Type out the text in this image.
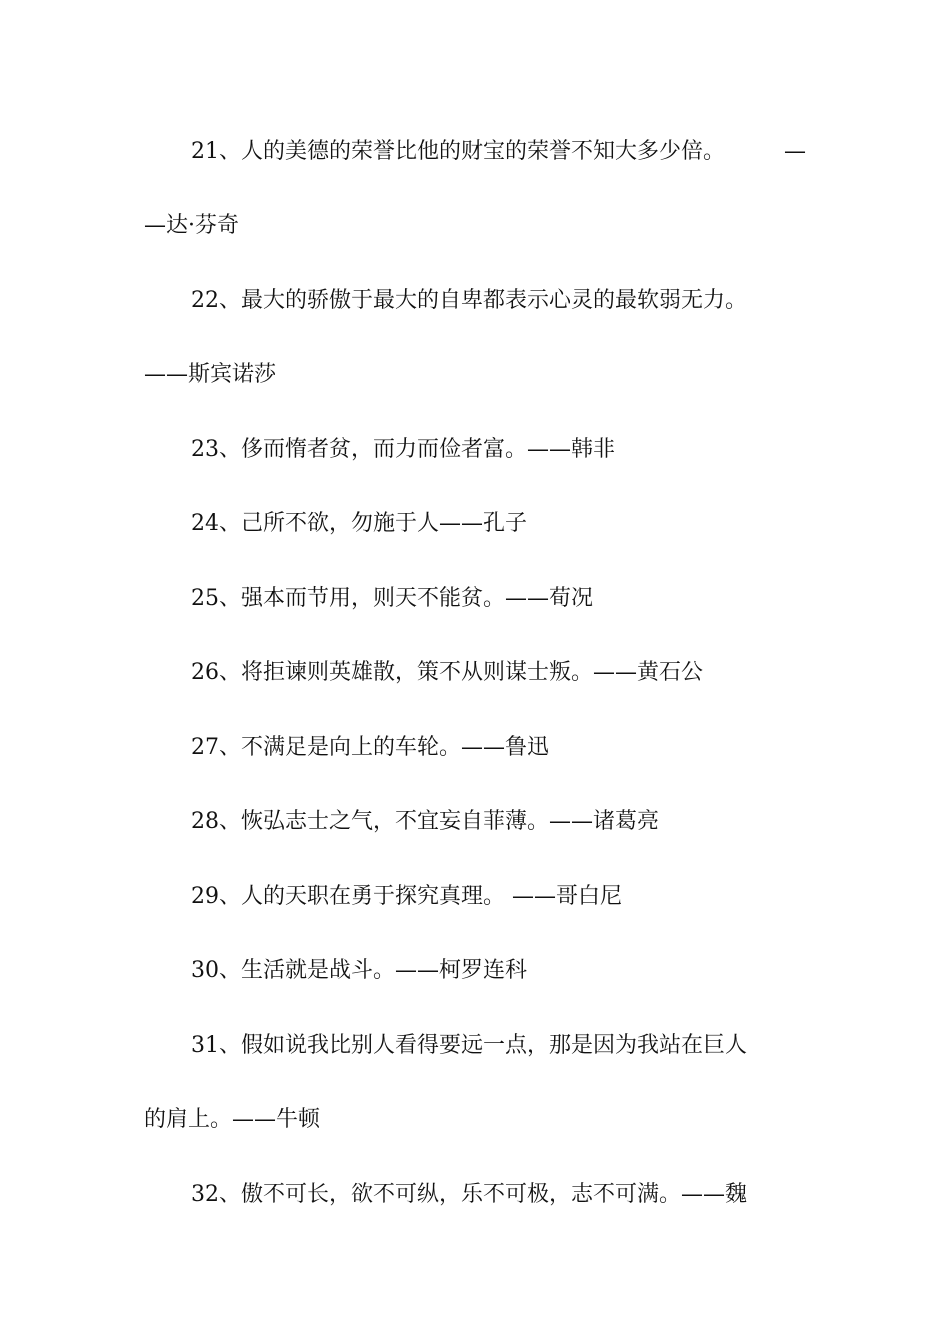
21、人的美德的荣誉比他的财宝的荣誉不知大多少倍。	—
—达·芬奇
22、最大的骄傲于最大的自卑都表示心灵的最软弱无力。
——斯宾诺莎
23、侈而惰者贫，而力而俭者富。——韩非
24、己所不欲，勿施于人——孔子
25、强本而节用，则天不能贫。——荀况
26、将拒谏则英雄散，策不从则谋士叛。——黄石公
27、不满足是向上的车轮。——鲁迅
28、恢弘志士之气，不宜妄自菲薄。——诸葛亮
29、人的天职在勇于探究真理。 ——哥白尼
30、生活就是战斗。——柯罗连科
31、假如说我比别人看得要远一点，那是因为我站在巨人
的肩上。——牛顿
32、傲不可长，欲不可纵，乐不可极，志不可满。——魏
